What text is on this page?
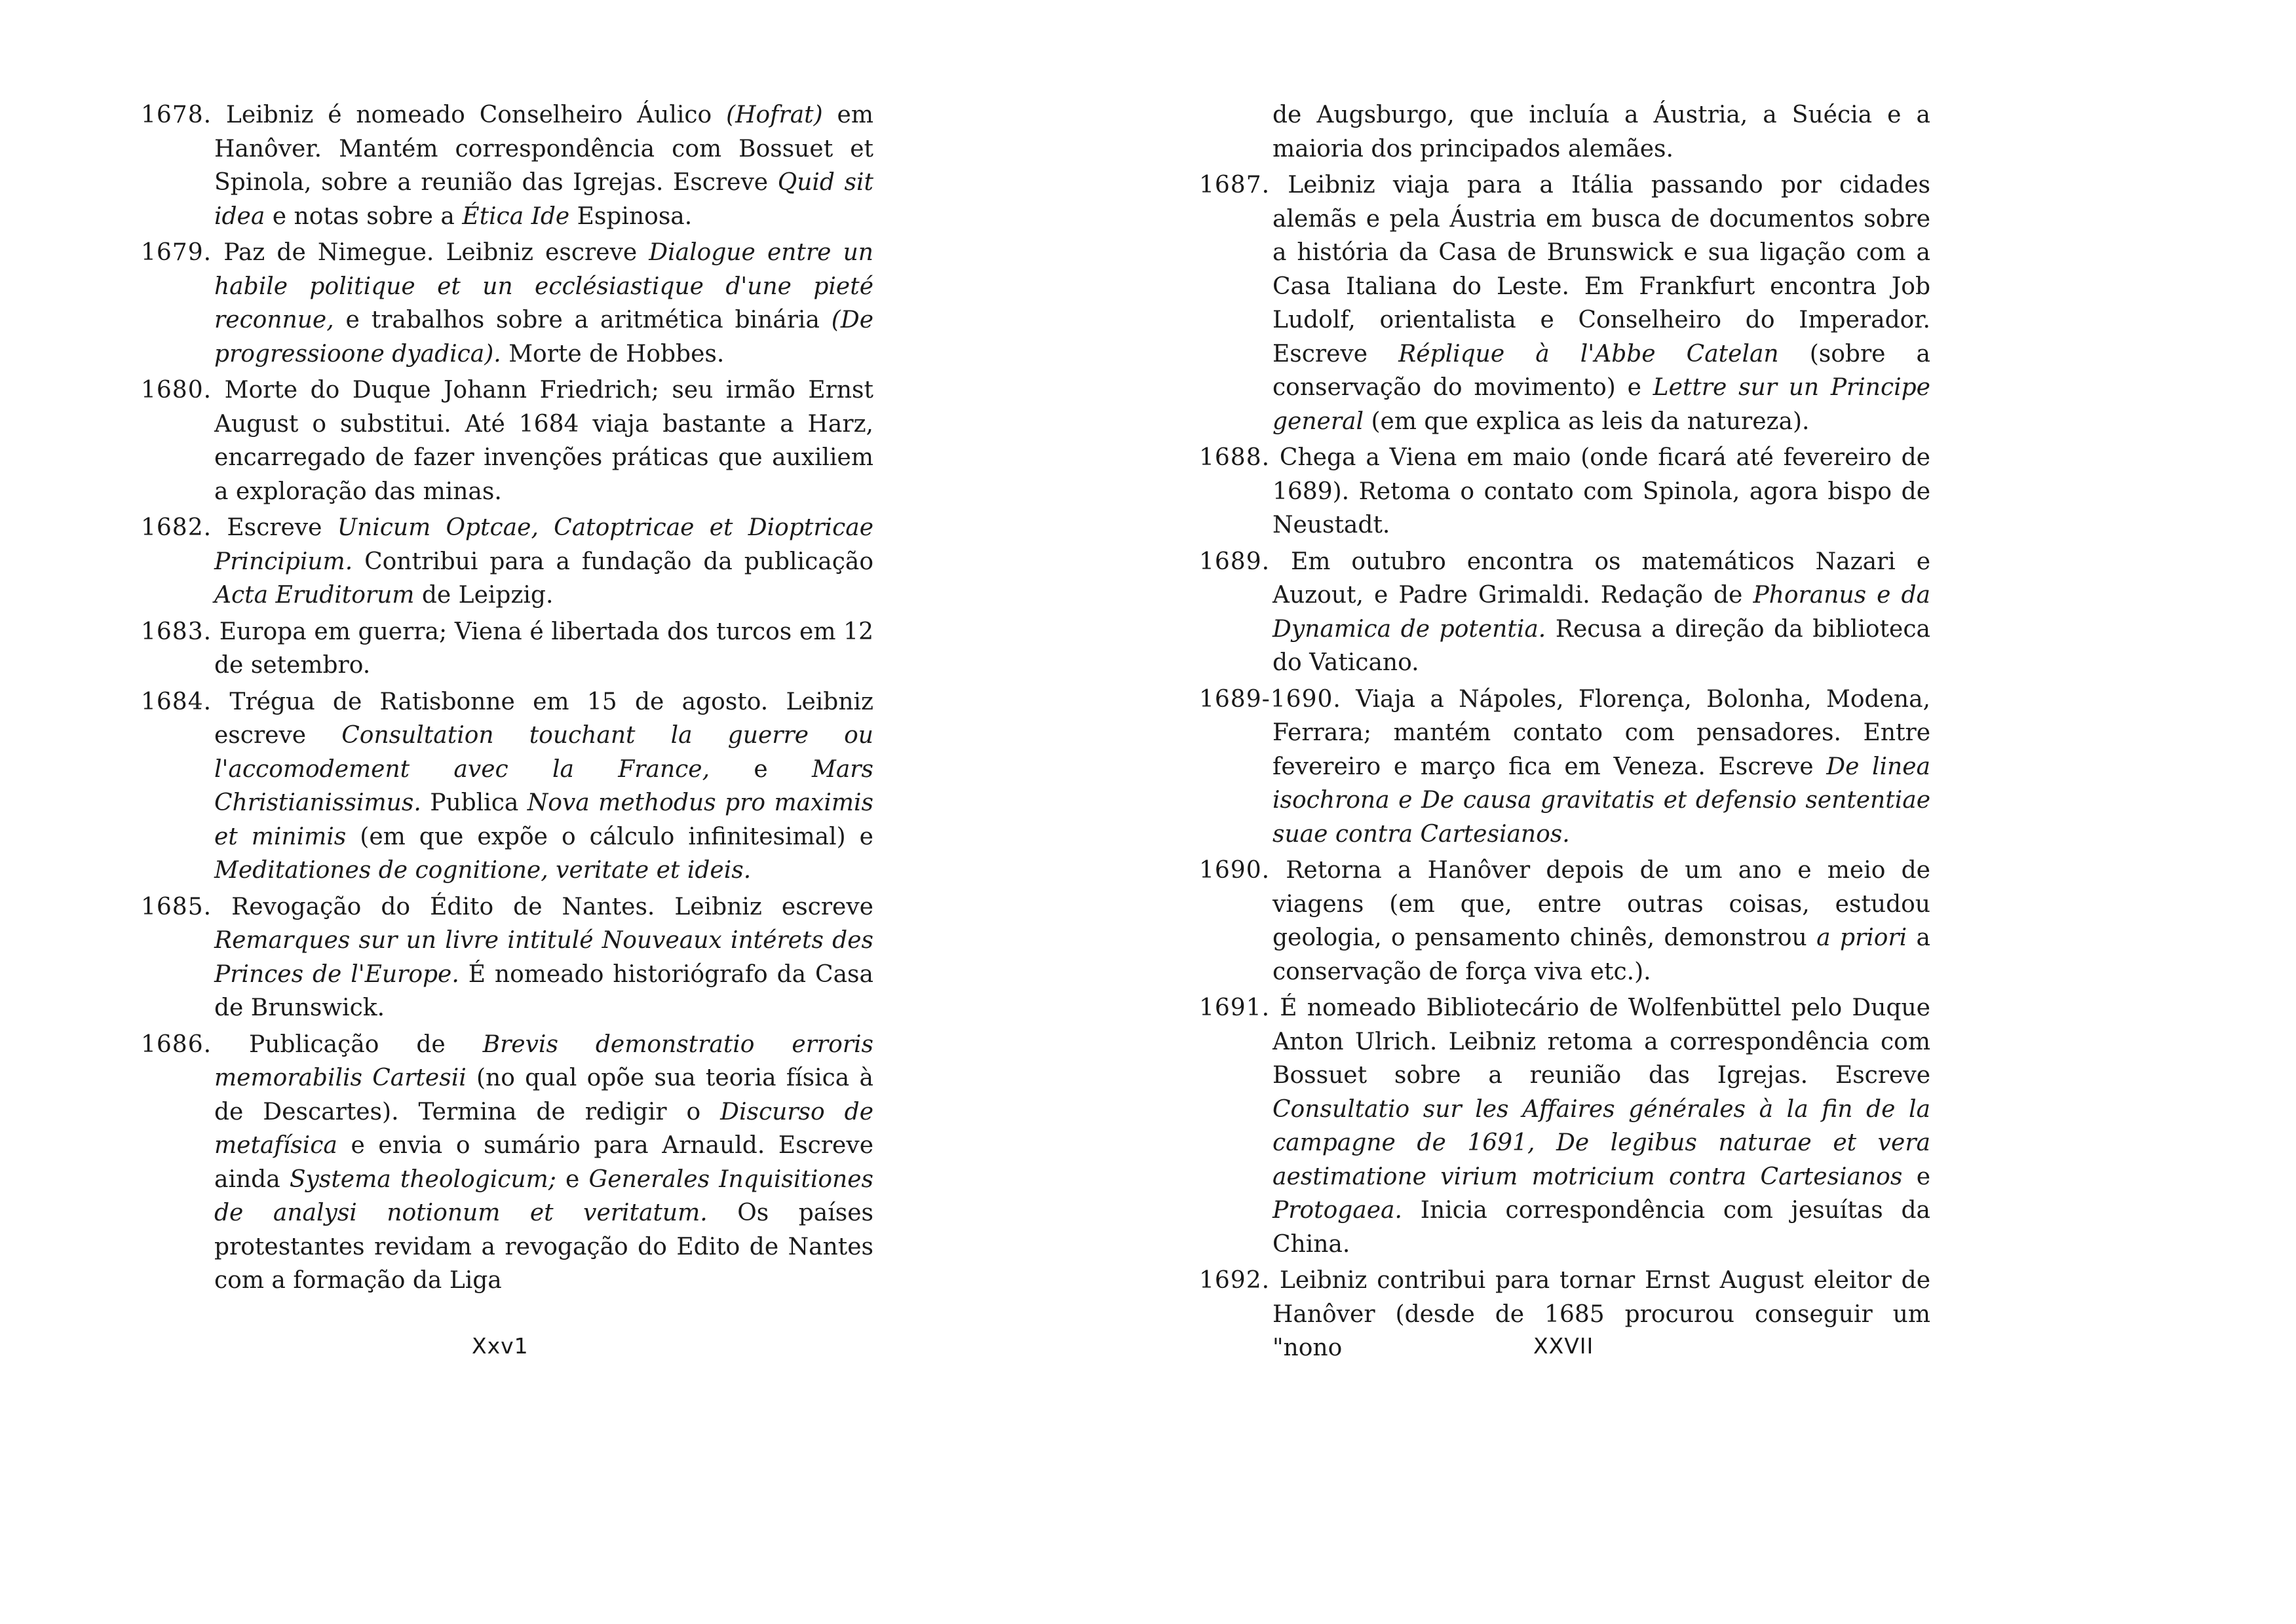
1678. Leibniz é nomeado Conselheiro Áulico (Hofrat) em Hanôver. Mantém correspondência com Bossuet et Spinola, sobre a reunião das Igrejas. Escreve Quid sit idea e notas sobre a Ética Ide Espinosa.

1679. Paz de Nimegue. Leibniz escreve Dialogue entre un habile politique et un ecclésiastique d'une pieté reconnue, e trabalhos sobre a aritmética binária (De progressioone dyadica). Morte de Hobbes.

1680. Morte do Duque Johann Friedrich; seu irmão Ernst August o substitui. Até 1684 viaja bastante a Harz, encarregado de fazer invenções práticas que auxiliem a exploração das minas.

1682. Escreve Unicum Optcae, Catoptricae et Dioptricae Principium. Contribui para a fundação da publicação Acta Eruditorum de Leipzig.

1683. Europa em guerra; Viena é libertada dos turcos em 12 de setembro.

1684. Trégua de Ratisbonne em 15 de agosto. Leibniz escreve Consultation touchant la guerre ou l'accomodement avec la France, e Mars Christianissimus. Publica Nova methodus pro maximis et minimis (em que expõe o cálculo infinitesimal) e Meditationes de cognitione, veritate et ideis.

1685. Revogação do Édito de Nantes. Leibniz escreve Remarques sur un livre intitulé Nouveaux intérets des Princes de l'Europe. É nomeado historiógrafo da Casa de Brunswick.

1686. Publicação de Brevis demonstratio erroris memorabilis Cartesii (no qual opõe sua teoria física à de Descartes). Termina de redigir o Discurso de metafísica e envia o sumário para Arnauld. Escreve ainda Systema theologicum; e Generales Inquisitiones de analysi notionum et veritatum. Os países protestantes revidam a revogação do Edito de Nantes com a formação da Liga

de Augsburgo, que incluía a Áustria, a Suécia e a maioria dos principados alemães.

1687. Leibniz viaja para a Itália passando por cidades alemãs e pela Áustria em busca de documentos sobre a história da Casa de Brunswick e sua ligação com a Casa Italiana do Leste. Em Frankfurt encontra Job Ludolf, orientalista e Conselheiro do Imperador. Escreve Réplique à l'Abbe Catelan (sobre a conservação do movimento) e Lettre sur un Principe general (em que explica as leis da natureza).

1688. Chega a Viena em maio (onde ficará até fevereiro de 1689). Retoma o contato com Spinola, agora bispo de Neustadt.

1689. Em outubro encontra os matemáticos Nazari e Auzout, e Padre Grimaldi. Redação de Phoranus e da Dynamica de potentia. Recusa a direção da biblioteca do Vaticano.

1689-1690. Viaja a Nápoles, Florença, Bolonha, Modena, Ferrara; mantém contato com pensadores. Entre fevereiro e março fica em Veneza. Escreve De linea isochrona e De causa gravitatis et defensio sententiae suae contra Cartesianos.

1690. Retorna a Hanôver depois de um ano e meio de viagens (em que, entre outras coisas, estudou geologia, o pensamento chinês, demonstrou a priori a conservação de força viva etc.).

1691. É nomeado Bibliotecário de Wolfenbüttel pelo Duque Anton Ulrich. Leibniz retoma a correspondência com Bossuet sobre a reunião das Igrejas. Escreve Consultatio sur les Affaires générales à la fin de la campagne de 1691, De legibus naturae et vera aestimatione virium motricium contra Cartesianos e Protogaea. Inicia correspondência com jesuítas da China.

1692. Leibniz contribui para tornar Ernst August eleitor de Hanôver (desde de 1685 procurou conseguir um "nono

Xxv1	XXVII
